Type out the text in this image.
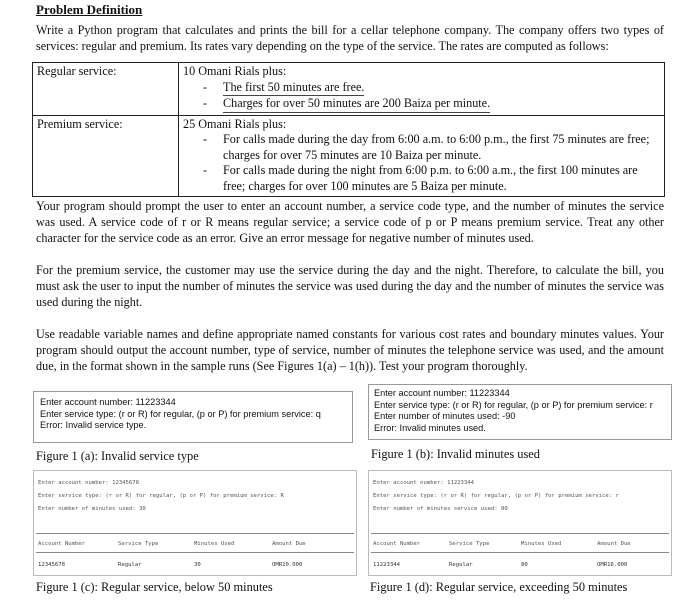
Problem Definition
Write a Python program that calculates and prints the bill for a cellar telephone company. The company offers two types of services: regular and premium. Its rates vary depending on the type of the service. The rates are computed as follows:
Regular service:	10 Omani Rials plus:
- The first 50 minutes are free.
- Charges for over 50 minutes are 200 Baiza per minute.

Premium service:	25 Omani Rials plus:
- For calls made during the day from 6:00 a.m. to 6:00 p.m., the first 75 minutes are free; charges for over 75 minutes are 10 Baiza per minute.
- For calls made during the night from 6:00 p.m. to 6:00 a.m., the first 100 minutes are free; charges for over 100 minutes are 5 Baiza per minute.
Your program should prompt the user to enter an account number, a service code type, and the number of minutes the service was used. A service code of r or R means regular service; a service code of p or P means premium service. Treat any other character for the service code as an error. Give an error message for negative number of minutes used.
For the premium service, the customer may use the service during the day and the night. Therefore, to calculate the bill, you must ask the user to input the number of minutes the service was used during the day and the number of minutes the service was used during the night.
Use readable variable names and define appropriate named constants for various cost rates and boundary minutes values. Your program should output the account number, type of service, number of minutes the telephone service was used, and the amount due, in the format shown in the sample runs (See Figures 1(a) – 1(h)). Test your program thoroughly.
Enter account number: 11223344
Enter service type: (r or R) for regular, (p or P) for premium service: q
Error: Invalid service type.
Figure 1 (a): Invalid service type
Enter account number: 11223344
Enter service type: (r or R) for regular, (p or P) for premium service: r
Enter number of minutes used: -90
Error: Invalid minutes used.
Figure 1 (b): Invalid minutes used
Enter account number: 12345678
Enter service type: (r or R) for regular, (p or P) for premium service: R
Enter number of minutes used: 30
Account Number	Service Type	Minutes Used	Amount Due
12345678	Regular	30	OMR10.000
Figure 1 (c): Regular service, below 50 minutes
Enter account number: 11223344
Enter service type: (r or R) for regular, (p or P) for premium service: r
Enter number of minutes service used: 80
Account Number	Service Type	Minutes Used	Amount Due
11223344	Regular	80	OMR16.000
Figure 1 (d): Regular service, exceeding 50 minutes
